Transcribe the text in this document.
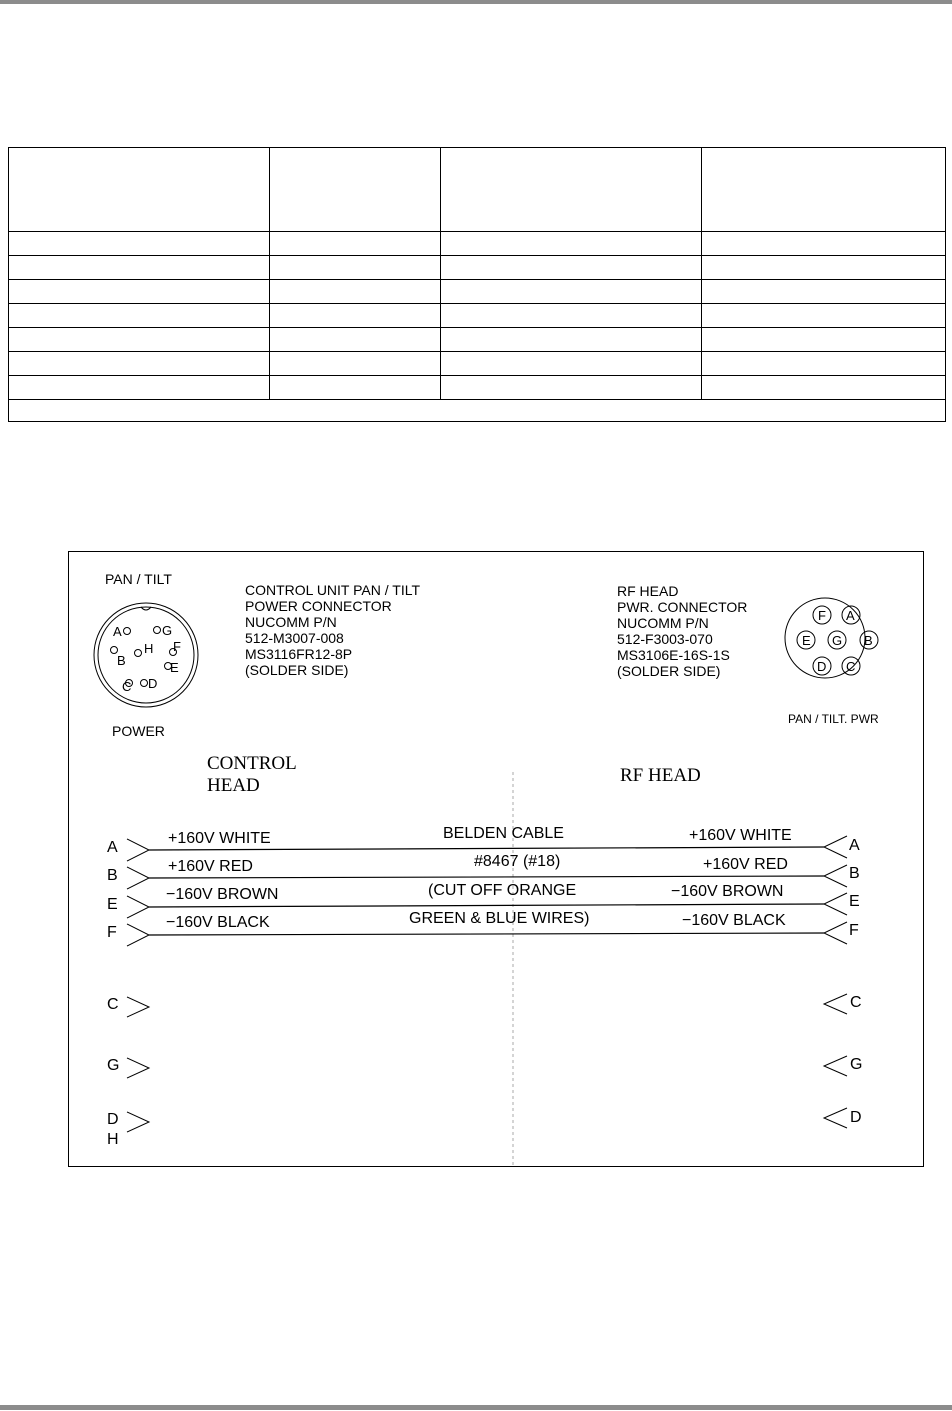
PAN / TILT
POWER
A	G
H F
B	E
C D
CONTROL UNIT PAN / TILT
POWER CONNECTOR
NUCOMM P/N
512-M3007-008
MS3116FR12-8P
(SOLDER SIDE)
CONTROL
HEAD
RF HEAD
PWR. CONNECTOR
NUCOMM P/N
512-F3003-070
MS3106E-16S-1S
(SOLDER SIDE)
F A
E G B
D C
PAN / TILT. PWR
RF HEAD
BELDEN CABLE
#8467 (#18)
(CUT OFF ORANGE
GREEN & BLUE WIRES)
A
+160V WHITE	+160V WHITE
A
B
+160V RED	+160V RED
B
E
−160V BROWN	−160V BROWN
E
F
−160V BLACK	−160V BLACK
F
C	C
G	G
D	D
H
